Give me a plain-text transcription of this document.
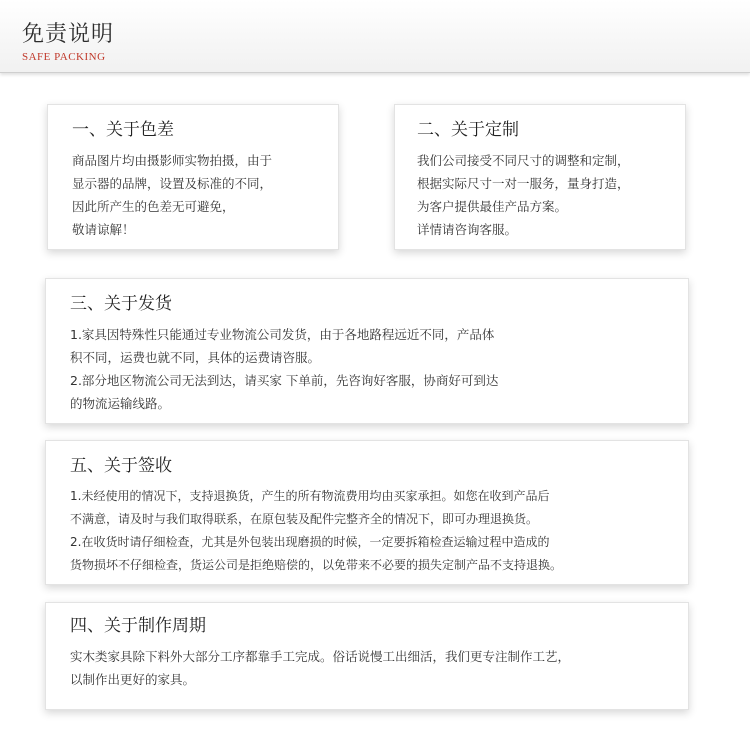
免责说明
SAFE PACKING
一、关于色差
商品图片均由摄影师实物拍摄，由于
显示器的品牌，设置及标准的不同，
因此所产生的色差无可避免，
敬请谅解！
二、关于定制
我们公司接受不同尺寸的调整和定制，
根据实际尺寸一对一服务，量身打造，
为客户提供最佳产品方案。
详情请咨询客服。
三、关于发货
1.家具因特殊性只能通过专业物流公司发货，由于各地路程远近不同，产品体
积不同，运费也就不同，具体的运费请咨服。
2.部分地区物流公司无法到达，请买家 下单前，先咨询好客服，协商好可到达
的物流运输线路。
五、关于签收
1.未经使用的情况下，支持退换货，产生的所有物流费用均由买家承担。如您在收到产品后
不满意，请及时与我们取得联系，在原包装及配件完整齐全的情况下，即可办理退换货。
2.在收货时请仔细检查，尤其是外包装出现磨损的时候，一定要拆箱检查运输过程中造成的
货物损坏不仔细检查，货运公司是拒绝赔偿的，以免带来不必要的损失定制产品不支持退换。
四、关于制作周期
实木类家具除下料外大部分工序都靠手工完成。俗话说慢工出细活，我们更专注制作工艺，
以制作出更好的家具。
